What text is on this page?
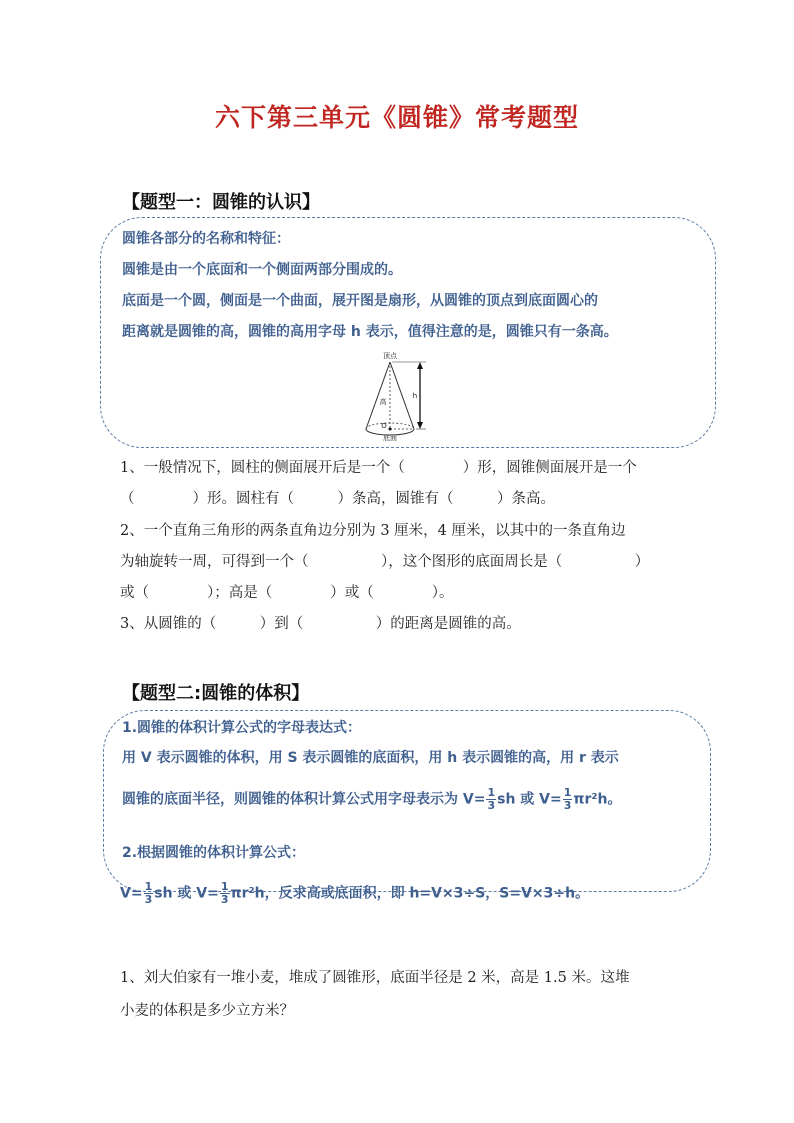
六下第三单元《圆锥》常考题型
【题型一：圆锥的认识】
圆锥各部分的名称和特征：
圆锥是由一个底面和一个侧面两部分围成的。
底面是一个圆，侧面是一个曲面，展开图是扇形，从圆锥的顶点到底面圆心的
距离就是圆锥的高，圆锥的高用字母 h 表示，值得注意的是，圆锥只有一条高。
顶点
高
h
O
底面
1、一般情况下，圆柱的侧面展开后是一个（　　　　）形，圆锥侧面展开是一个
（　　　　）形。圆柱有（　　　）条高，圆锥有（　　　）条高。
2、一个直角三角形的两条直角边分别为 3 厘米，4 厘米，以其中的一条直角边
为轴旋转一周，可得到一个（　　　　　），这个图形的底面周长是（　　　　　）
或（　　　　）；高是（　　　　）或（　　　　）。
3、从圆锥的（　　　）到（　　　　　）的距离是圆锥的高。
【题型二:圆锥的体积】
1.圆锥的体积计算公式的字母表达式：
用 V 表示圆锥的体积，用 S 表示圆锥的底面积，用 h 表示圆锥的高，用 r 表示
圆锥的底面半径，则圆锥的体积计算公式用字母表示为 $V= \frac{1}{3}$ sh 或 $V= \frac{1}{3} \pi r^2h$。
2.根据圆锥的体积计算公式：
$V= \frac{1}{3}$ sh 或 $V= \frac{1}{3} \pi r^2h$，反求高或底面积，即 h=V×3÷S，S=V×3÷h。
1、刘大伯家有一堆小麦，堆成了圆锥形，底面半径是 2 米，高是 1.5 米。这堆
小麦的体积是多少立方米？
